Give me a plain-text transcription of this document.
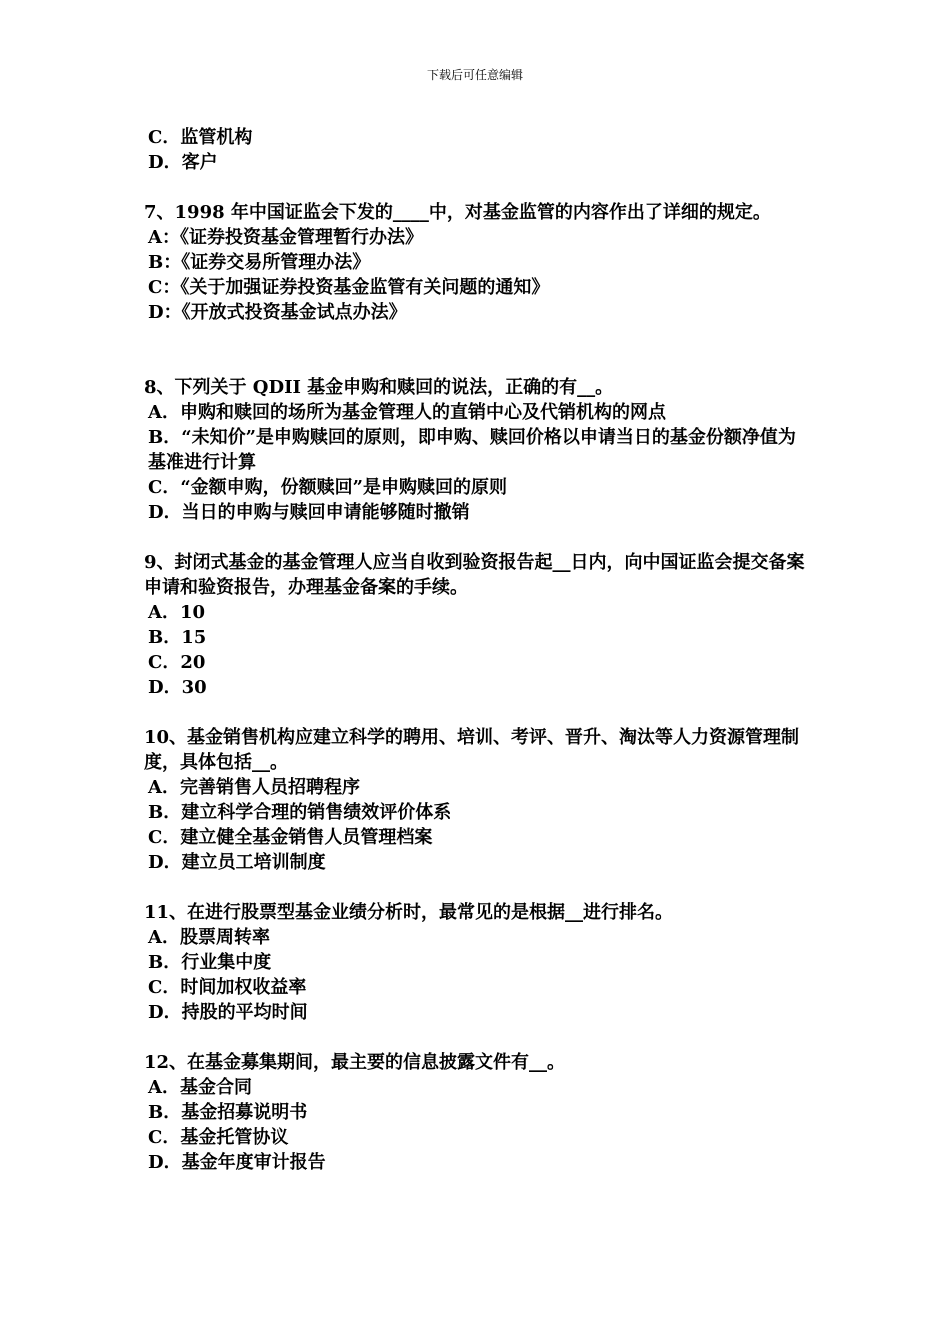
下载后可任意编辑

C．监管机构

D．客户

7、1998 年中国证监会下发的____中，对基金监管的内容作出了详细的规定。

A：《证券投资基金管理暂行办法》

B：《证券交易所管理办法》

C：《关于加强证券投资基金监管有关问题的通知》

D：《开放式投资基金试点办法》

8、下列关于 QDII 基金申购和赎回的说法，正确的有__。

A．申购和赎回的场所为基金管理人的直销中心及代销机构的网点

B．“未知价”是申购赎回的原则，即申购、赎回价格以申请当日的基金份额净值为基准进行计算

C．“金额申购，份额赎回”是申购赎回的原则

D．当日的申购与赎回申请能够随时撤销

9、封闭式基金的基金管理人应当自收到验资报告起__日内，向中国证监会提交备案申请和验资报告，办理基金备案的手续。

A．10

B．15

C．20

D．30

10、基金销售机构应建立科学的聘用、培训、考评、晋升、淘汰等人力资源管理制度，具体包括__。

A．完善销售人员招聘程序

B．建立科学合理的销售绩效评价体系

C．建立健全基金销售人员管理档案

D．建立员工培训制度

11、在进行股票型基金业绩分析时，最常见的是根据__进行排名。

A．股票周转率

B．行业集中度

C．时间加权收益率

D．持股的平均时间

12、在基金募集期间，最主要的信息披露文件有__。

A．基金合同

B．基金招募说明书

C．基金托管协议

D．基金年度审计报告
